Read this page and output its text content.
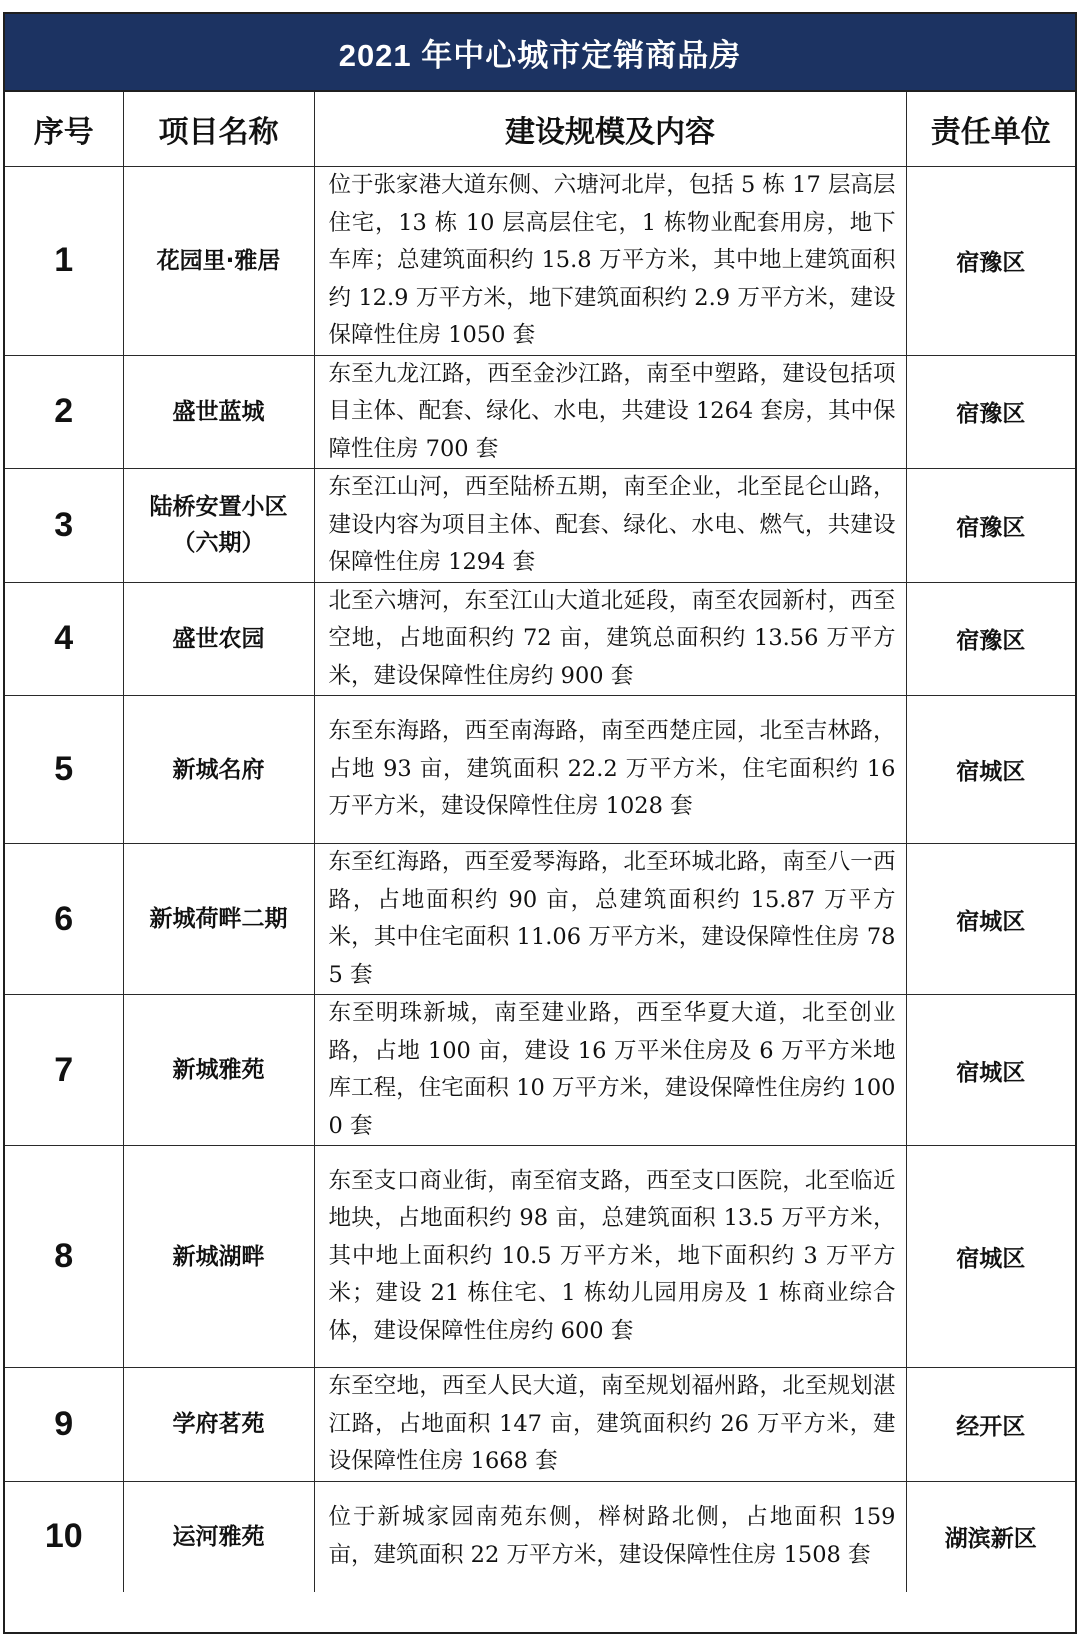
2021 年中心城市定销商品房
序号	项目名称	建设规模及内容	责任单位
1	花园里·雅居	位于张家港大道东侧、六塘河北岸，包括 5 栋 17 层高层住宅，13 栋 10 层高层住宅，1 栋物业配套用房，地下车库；总建筑面积约 15.8 万平方米，其中地上建筑面积约 12.9 万平方米，地下建筑面积约 2.9 万平方米，建设保障性住房 1050 套	宿豫区
2	盛世蓝城	东至九龙江路，西至金沙江路，南至中塑路，建设包括项目主体、配套、绿化、水电，共建设 1264 套房，其中保障性住房 700 套	宿豫区
3	陆桥安置小区（六期）	东至江山河，西至陆桥五期，南至企业，北至昆仑山路，建设内容为项目主体、配套、绿化、水电、燃气，共建设保障性住房 1294 套	宿豫区
4	盛世农园	北至六塘河，东至江山大道北延段，南至农园新村，西至空地，占地面积约 72 亩，建筑总面积约 13.56 万平方米，建设保障性住房约 900 套	宿豫区
5	新城名府	东至东海路，西至南海路，南至西楚庄园，北至吉林路，占地 93 亩，建筑面积 22.2 万平方米，住宅面积约 16 万平方米，建设保障性住房 1028 套	宿城区
6	新城荷畔二期	东至红海路，西至爱琴海路，北至环城北路，南至八一西路，占地面积约 90 亩，总建筑面积约 15.87 万平方米，其中住宅面积 11.06 万平方米，建设保障性住房 785 套	宿城区
7	新城雅苑	东至明珠新城，南至建业路，西至华夏大道，北至创业路，占地 100 亩，建设 16 万平米住房及 6 万平方米地库工程，住宅面积 10 万平方米，建设保障性住房约 1000 套	宿城区
8	新城湖畔	东至支口商业街，南至宿支路，西至支口医院，北至临近地块，占地面积约 98 亩，总建筑面积 13.5 万平方米，其中地上面积约 10.5 万平方米，地下面积约 3 万平方米；建设 21 栋住宅、1 栋幼儿园用房及 1 栋商业综合体，建设保障性住房约 600 套	宿城区
9	学府茗苑	东至空地，西至人民大道，南至规划福州路，北至规划湛江路，占地面积 147 亩，建筑面积约 26 万平方米，建设保障性住房 1668 套	经开区
10	运河雅苑	位于新城家园南苑东侧，榉树路北侧，占地面积 159 亩，建筑面积 22 万平方米，建设保障性住房 1508 套	湖滨新区
